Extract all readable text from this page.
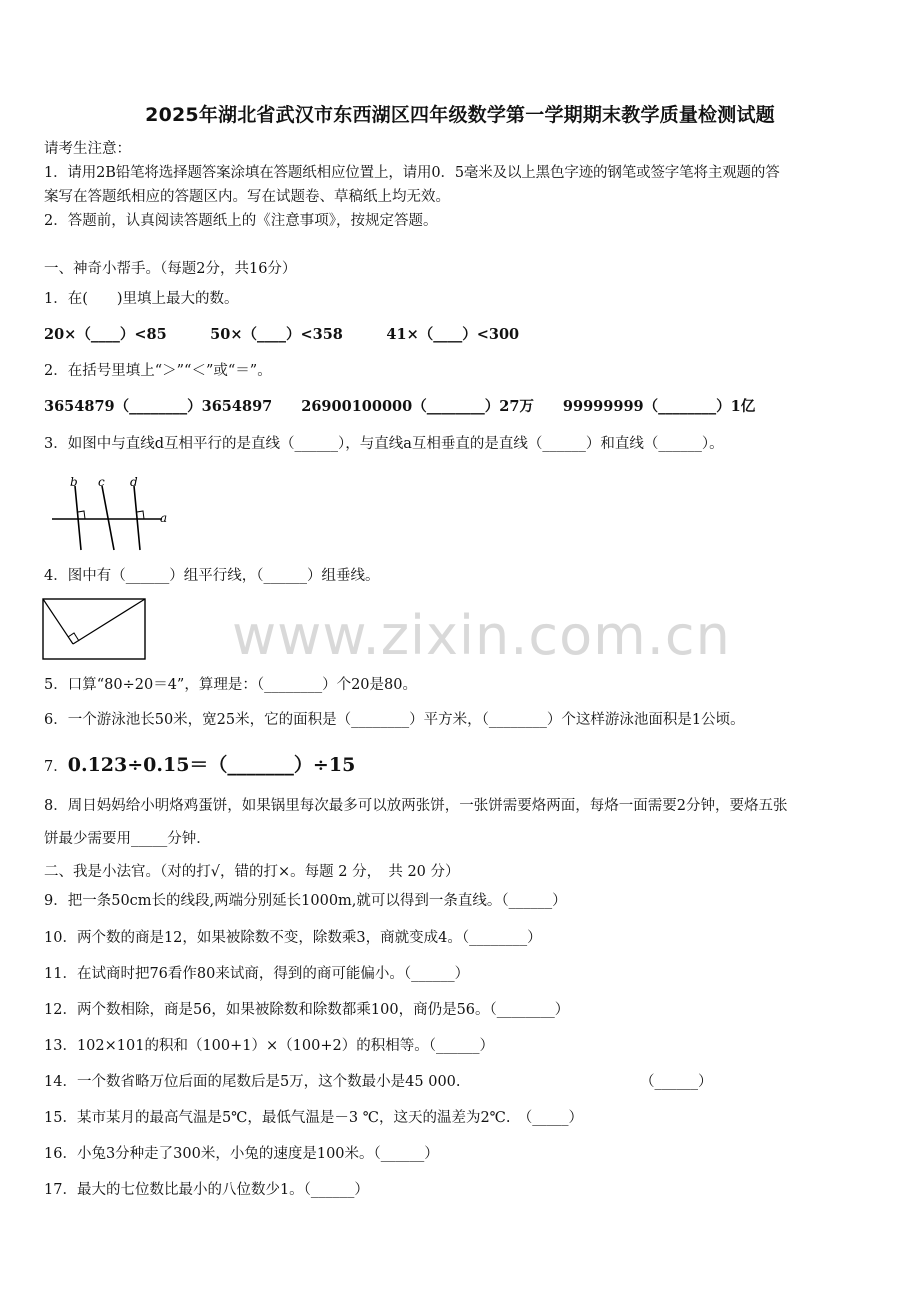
2025年湖北省武汉市东西湖区四年级数学第一学期期末教学质量检测试题
请考生注意：
1．请用2B铅笔将选择题答案涂填在答题纸相应位置上，请用0．5毫米及以上黑色字迹的钢笔或签字笔将主观题的答
案写在答题纸相应的答题区内。写在试题卷、草稿纸上均无效。
2．答题前，认真阅读答题纸上的《注意事项》，按规定答题。
一、神奇小帮手。（每题2分，共16分）
1．在(　　)里填上最大的数。
20×（____）<85　　　50×（____）<358　　　41×（____）<300
2．在括号里填上“＞”“＜”或“＝”。
3654879（________）3654897　　26900100000（________）27万　　99999999（________）1亿
3．如图中与直线d互相平行的是直线（______），与直线a互相垂直的是直线（______）和直线（______）。
b c d
a
4．图中有（______）组平行线，（______）组垂线。
www.zixin.com.cn
5．口算“80÷20＝4”，算理是：（________）个20是80。
6．一个游泳池长50米，宽25米，它的面积是（________）平方米，（________）个这样游泳池面积是1公顷。
7．0.123÷0.15＝（_______）÷15
8．周日妈妈给小明烙鸡蛋饼，如果锅里每次最多可以放两张饼，一张饼需要烙两面，每烙一面需要2分钟，要烙五张
饼最少需要用_____分钟．
二、我是小法官。（对的打√，错的打×。每题 2 分，　共 20 分）
9．把一条50cm长的线段,两端分别延长1000m,就可以得到一条直线。（______）
10．两个数的商是12，如果被除数不变，除数乘3，商就变成4。（________）
11．在试商时把76看作80来试商，得到的商可能偏小。（______）
12．两个数相除，商是56，如果被除数和除数都乘100，商仍是56。（________）
13．102×101的积和（100+1）×（100+2）的积相等。（______）
14．一个数省略万位后面的尾数后是5万，这个数最小是45 000.	（______）
15．某市某月的最高气温是5℃，最低气温是－3 ℃，这天的温差为2℃.　（_____）
16．小兔3分种走了300米，小兔的速度是100米。（______）
17．最大的七位数比最小的八位数少1。（______）
